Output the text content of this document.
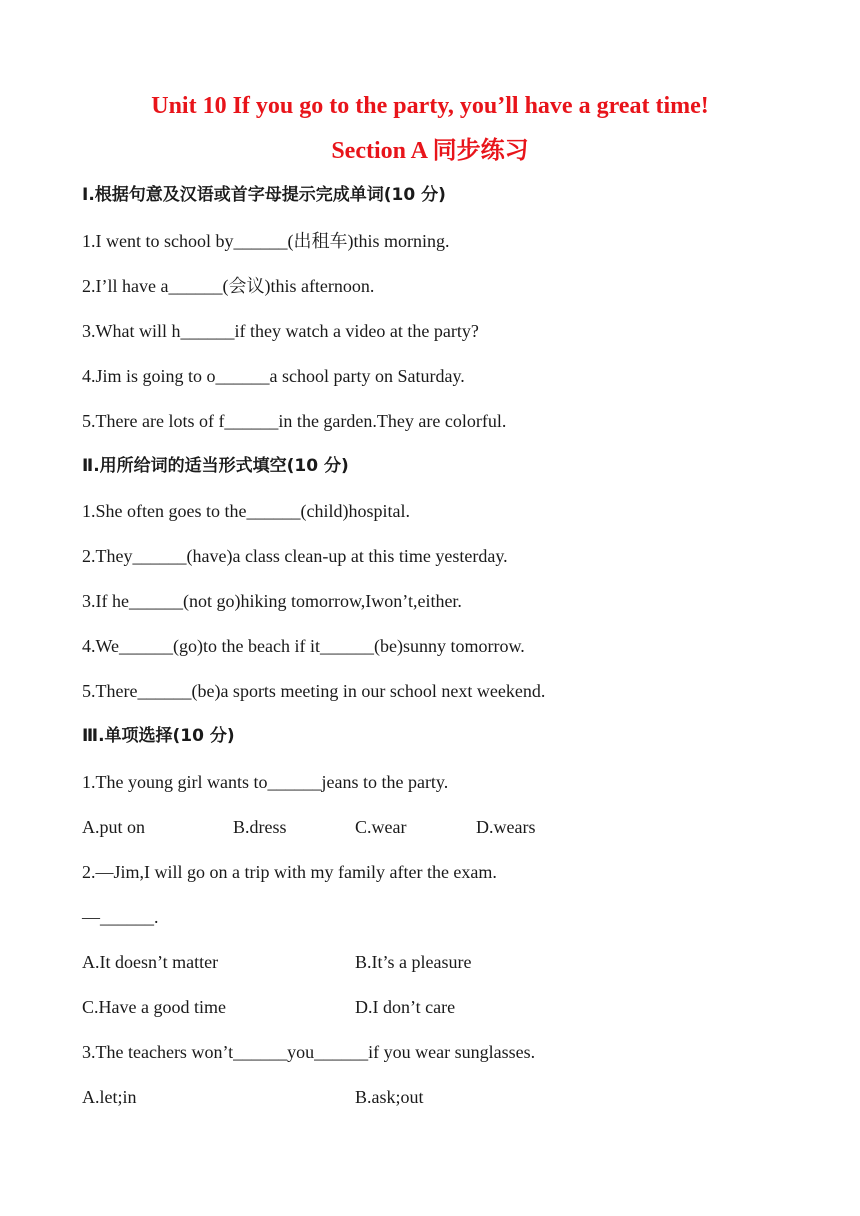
Unit 10 If you go to the party, you’ll have a great time!
Section A 同步练习

I.根据句意及汉语或首字母提示完成单词(10 分)

1.I went to school by______(出租车)this morning.

2.I’ll have a______(会议)this afternoon.

3.What will h______if they watch a video at the party?

4.Jim is going to o______a school party on Saturday.

5.There are lots of f______in the garden.They are colorful.

Ⅱ.用所给词的适当形式填空(10 分)

1.She often goes to the______(child)hospital.

2.They______(have)a class clean-up at this time yesterday.

3.If he______(not go)hiking tomorrow,Iwon’t,either.

4.We______(go)to the beach if it______(be)sunny tomorrow.

5.There______(be)a sports meeting in our school next weekend.

Ⅲ.单项选择(10 分)

1.The young girl wants to______jeans to the party.

A.put on	B.dress	C.wear	D.wears

2.—Jim,I will go on a trip with my family after the exam.

—______.

A.It doesn’t matter	B.It’s a pleasure
C.Have a good time	D.I don’t care

3.The teachers won’t______you______if you wear sunglasses.

A.let;in	B.ask;out
